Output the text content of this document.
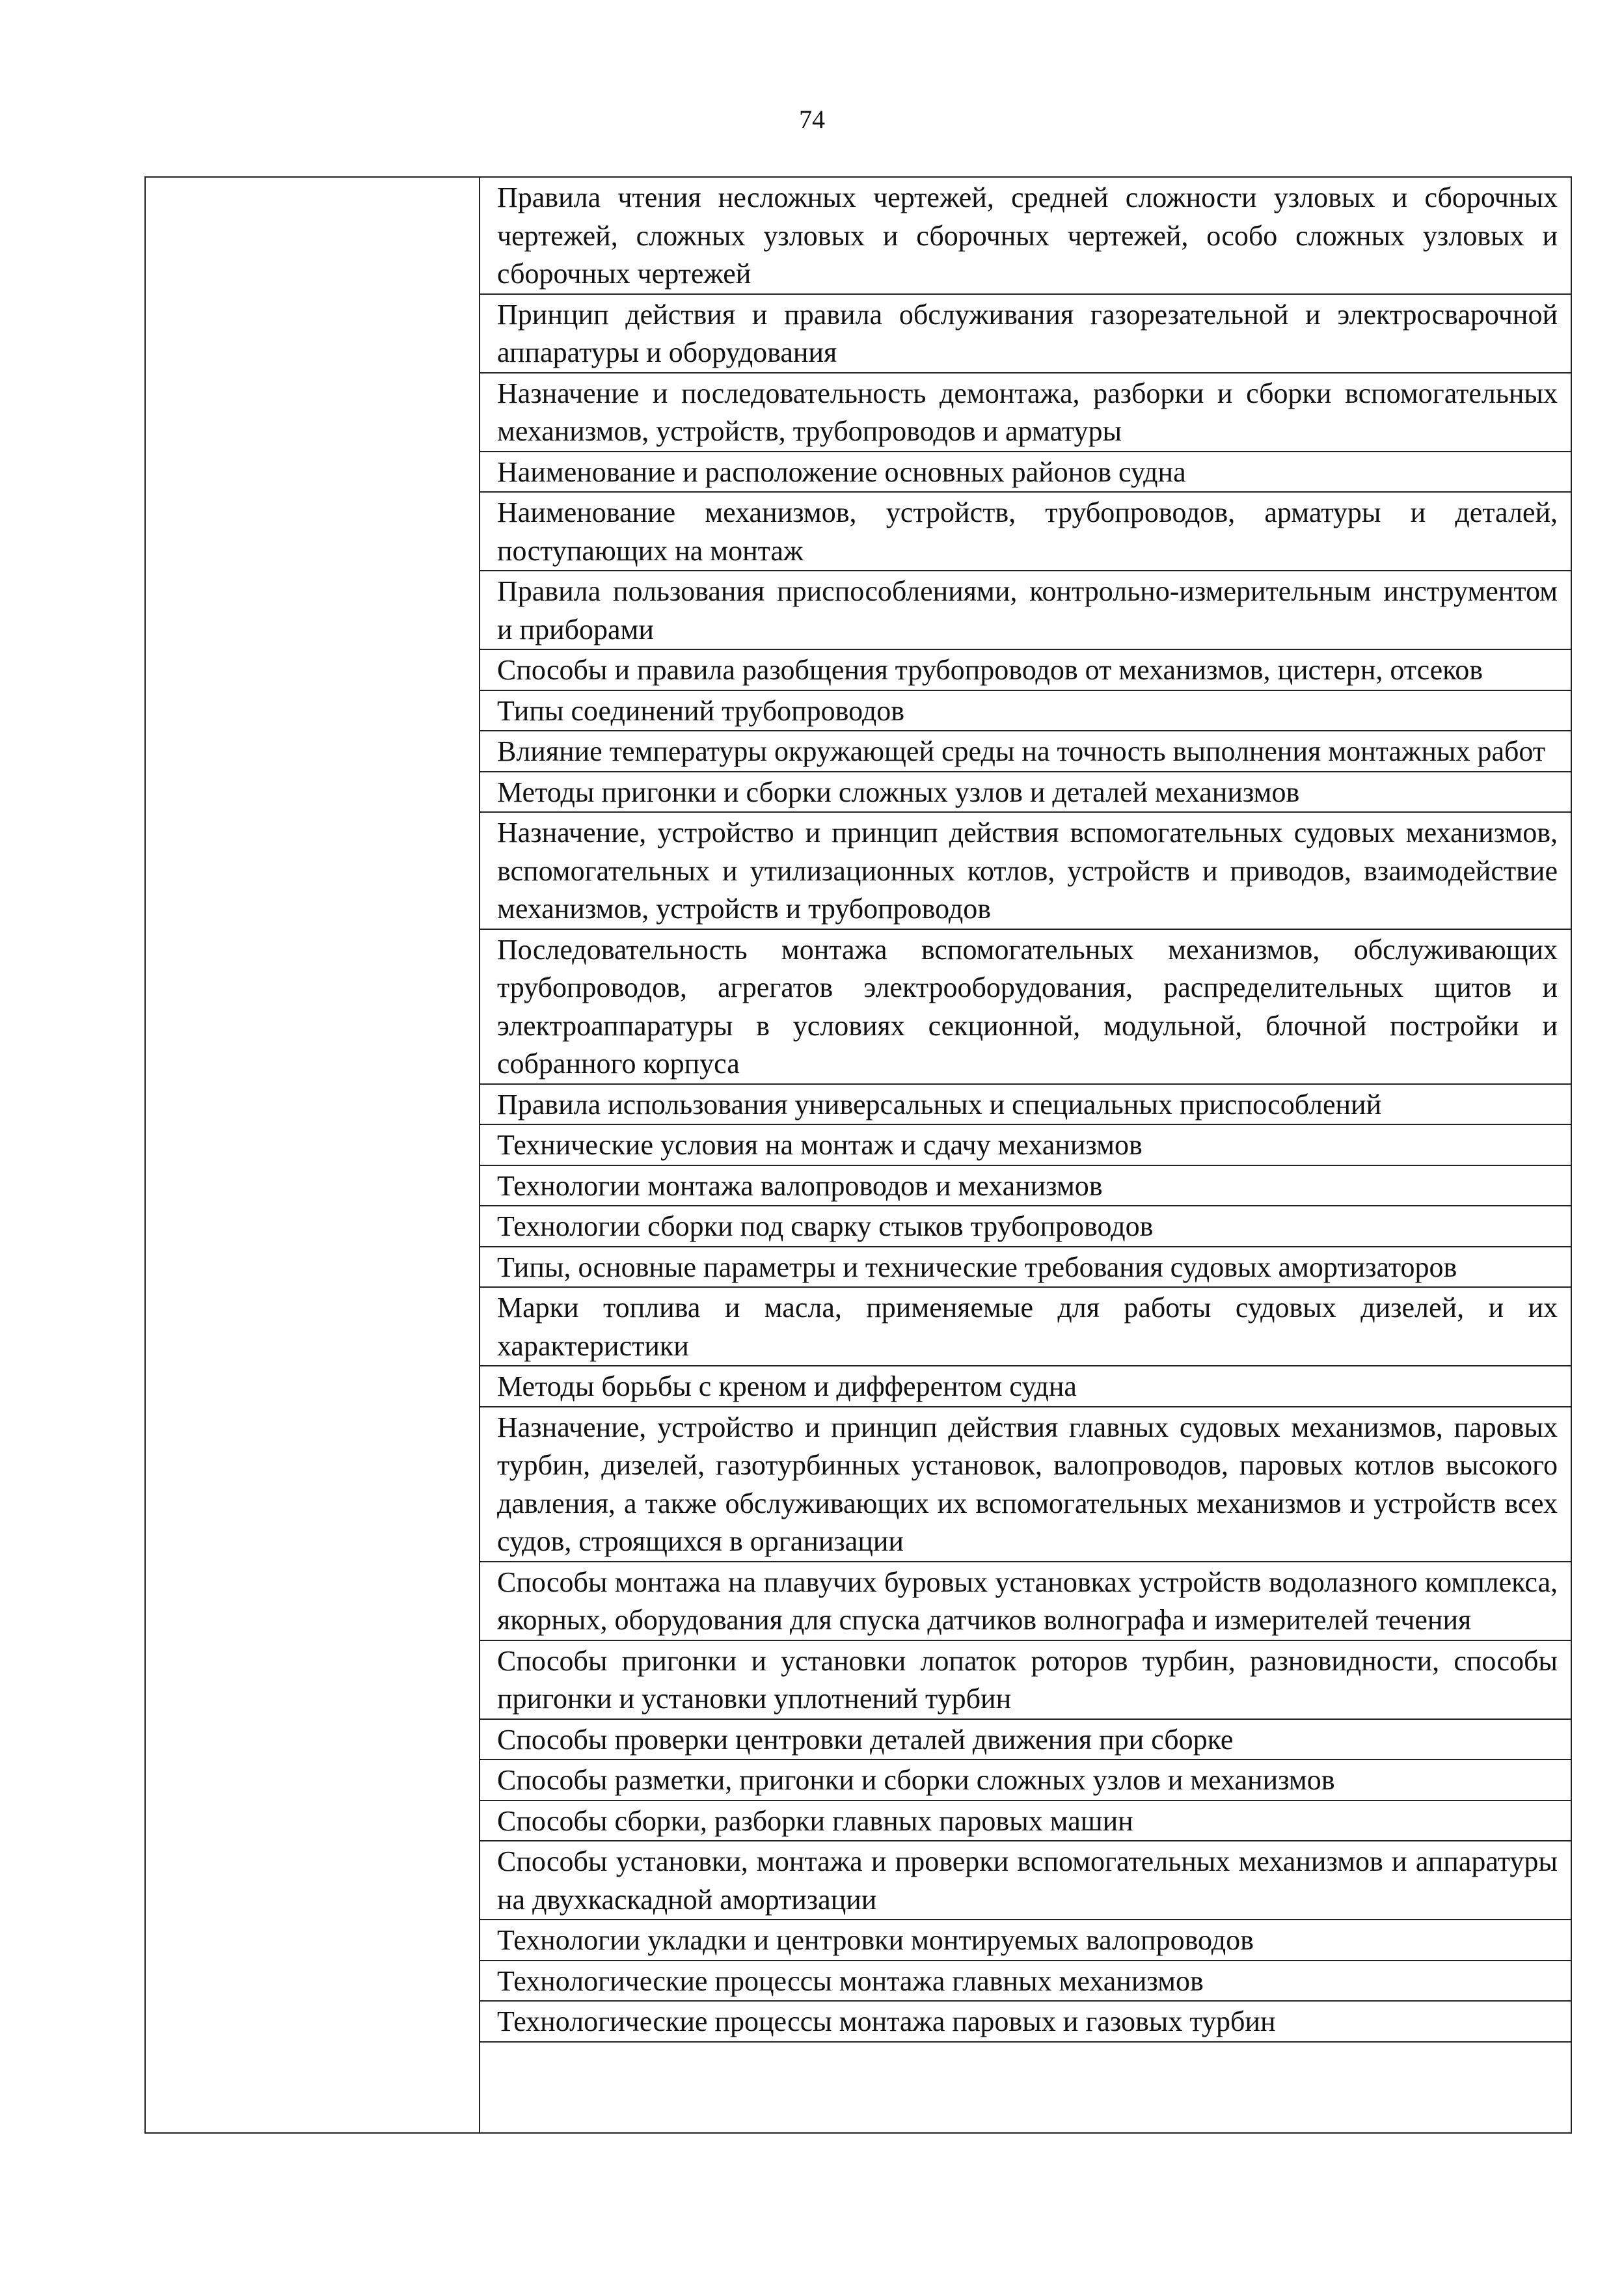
74

Правила чтения несложных чертежей, средней сложности узловых и сборочных чертежей, сложных узловых и сборочных чертежей, особо сложных узловых и сборочных чертежей
Принцип действия и правила обслуживания газорезательной и электросварочной аппаратуры и оборудования
Назначение и последовательность демонтажа, разборки и сборки вспомогательных механизмов, устройств, трубопроводов и арматуры
Наименование и расположение основных районов судна
Наименование механизмов, устройств, трубопроводов, арматуры и деталей, поступающих на монтаж
Правила пользования приспособлениями, контрольно-измерительным инструментом и приборами
Способы и правила разобщения трубопроводов от механизмов, цистерн, отсеков
Типы соединений трубопроводов
Влияние температуры окружающей среды на точность выполнения монтажных работ
Методы пригонки и сборки сложных узлов и деталей механизмов
Назначение, устройство и принцип действия вспомогательных судовых механизмов, вспомогательных и утилизационных котлов, устройств и приводов, взаимодействие механизмов, устройств и трубопроводов
Последовательность монтажа вспомогательных механизмов, обслуживающих трубопроводов, агрегатов электрооборудования, распределительных щитов и электроаппаратуры в условиях секционной, модульной, блочной постройки и собранного корпуса
Правила использования универсальных и специальных приспособлений
Технические условия на монтаж и сдачу механизмов
Технологии монтажа валопроводов и механизмов
Технологии сборки под сварку стыков трубопроводов
Типы, основные параметры и технические требования судовых амортизаторов
Марки топлива и масла, применяемые для работы судовых дизелей, и их характеристики
Методы борьбы с креном и дифферентом судна
Назначение, устройство и принцип действия главных судовых механизмов, паровых турбин, дизелей, газотурбинных установок, валопроводов, паровых котлов высокого давления, а также обслуживающих их вспомогательных механизмов и устройств всех судов, строящихся в организации
Способы монтажа на плавучих буровых установках устройств водолазного комплекса, якорных, оборудования для спуска датчиков волнографа и измерителей течения
Способы пригонки и установки лопаток роторов турбин, разновидности, способы пригонки и установки уплотнений турбин
Способы проверки центровки деталей движения при сборке
Способы разметки, пригонки и сборки сложных узлов и механизмов
Способы сборки, разборки главных паровых машин
Способы установки, монтажа и проверки вспомогательных механизмов и аппаратуры на двухкаскадной амортизации
Технологии укладки и центровки монтируемых валопроводов
Технологические процессы монтажа главных механизмов
Технологические процессы монтажа паровых и газовых турбин
